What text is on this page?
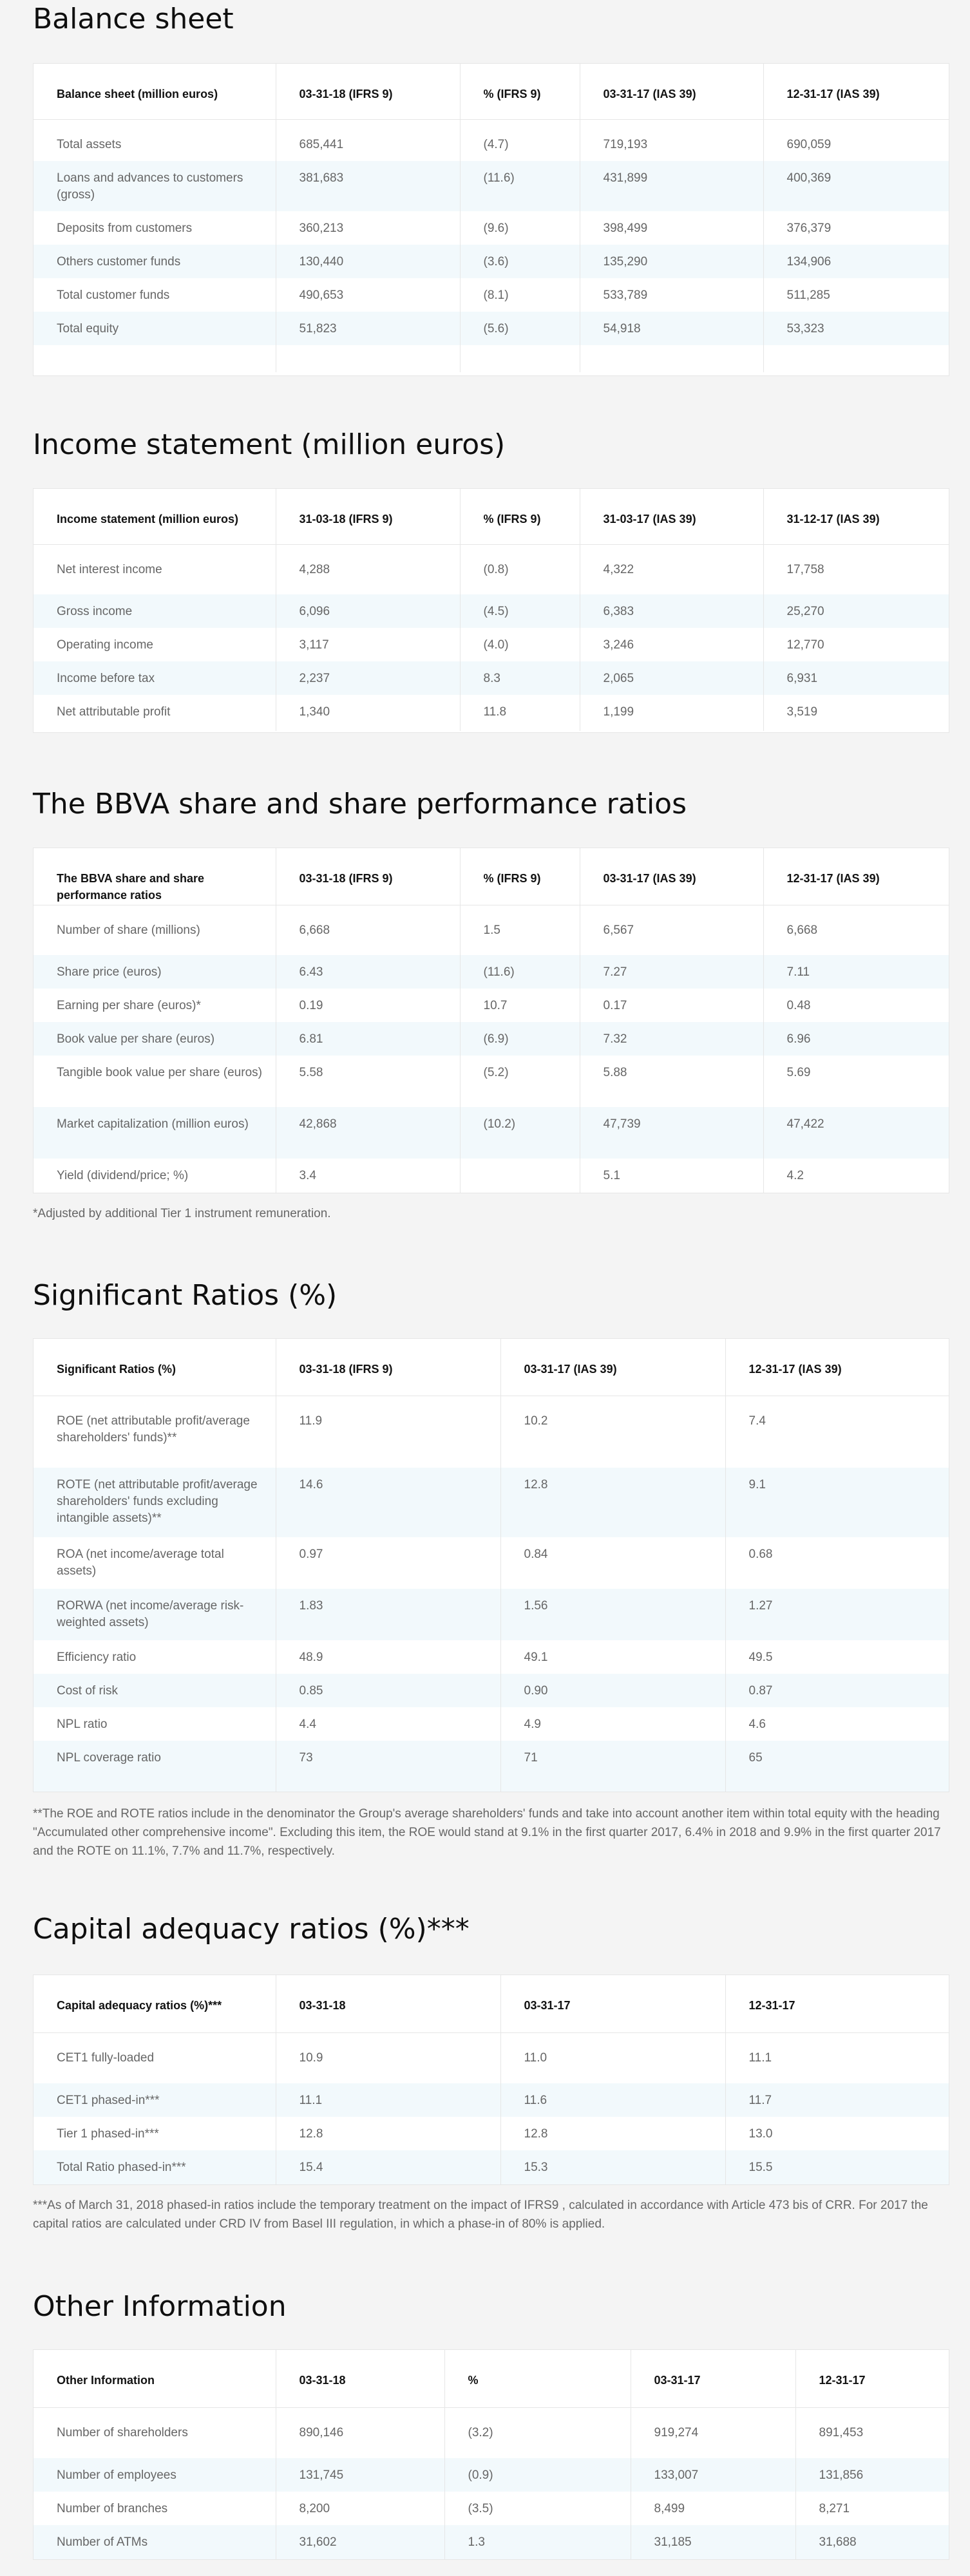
Balance sheet
Balance sheet (million euros)	03-31-18 (IFRS 9)	% (IFRS 9)	03-31-17 (IAS 39)	12-31-17 (IAS 39)
Total assets	685,441	(4.7)	719,193	690,059
Loans and advances to customers (gross)	381,683	(11.6)	431,899	400,369
Deposits from customers	360,213	(9.6)	398,499	376,379
Others customer funds	130,440	(3.6)	135,290	134,906
Total customer funds	490,653	(8.1)	533,789	511,285
Total equity	51,823	(5.6)	54,918	53,323

Income statement (million euros)
Income statement (million euros)	31-03-18 (IFRS 9)	% (IFRS 9)	31-03-17 (IAS 39)	31-12-17 (IAS 39)
Net interest income	4,288	(0.8)	4,322	17,758
Gross income	6,096	(4.5)	6,383	25,270
Operating income	3,117	(4.0)	3,246	12,770
Income before tax	2,237	8.3	2,065	6,931
Net attributable profit	1,340	11.8	1,199	3,519
The BBVA share and share performance ratios
The BBVA share and share performance ratios	03-31-18 (IFRS 9)	% (IFRS 9)	03-31-17 (IAS 39)	12-31-17 (IAS 39)
Number of share (millions)	6,668	1.5	6,567	6,668
Share price (euros)	6.43	(11.6)	7.27	7.11
Earning per share (euros)*	0.19	10.7	0.17	0.48
Book value per share (euros)	6.81	(6.9)	7.32	6.96
Tangible book value per share (euros)	5.58	(5.2)	5.88	5.69
Market capitalization (million euros)	42,868	(10.2)	47,739	47,422
Yield (dividend/price; %)	3.4		5.1	4.2

*Adjusted by additional Tier 1 instrument remuneration.

Significant Ratios (%)
Significant Ratios (%)	03-31-18 (IFRS 9)	03-31-17 (IAS 39)	12-31-17 (IAS 39)
ROE (net attributable profit/average shareholders' funds)**	11.9	10.2	7.4
ROTE (net attributable profit/average shareholders' funds excluding intangible assets)**	14.6	12.8	9.1
ROA (net income/average total assets)	0.97	0.84	0.68
RORWA (net income/average risk-weighted assets)	1.83	1.56	1.27
Efficiency ratio	48.9	49.1	49.5
Cost of risk	0.85	0.90	0.87
NPL ratio	4.4	4.9	4.6
NPL coverage ratio	73	71	65

**The ROE and ROTE ratios include in the denominator the Group's average shareholders' funds and take into account another item within total equity with the heading "Accumulated other comprehensive income". Excluding this item, the ROE would stand at 9.1% in the first quarter 2017, 6.4% in 2018 and 9.9% in the first quarter 2017 and the ROTE on 11.1%, 7.7% and 11.7%, respectively.

Capital adequacy ratios (%)***
Capital adequacy ratios (%)***	03-31-18	03-31-17	12-31-17
CET1 fully-loaded	10.9	11.0	11.1
CET1 phased-in***	11.1	11.6	11.7
Tier 1 phased-in***	12.8	12.8	13.0
Total Ratio phased-in***	15.4	15.3	15.5

***As of March 31, 2018 phased-in ratios include the temporary treatment on the impact of IFRS9 , calculated in accordance with Article 473 bis of CRR. For 2017 the capital ratios are calculated under CRD IV from Basel III regulation, in which a phase-in of 80% is applied.

Other Information
Other Information	03-31-18	%	03-31-17	12-31-17
Number of shareholders	890,146	(3.2)	919,274	891,453
Number of employees	131,745	(0.9)	133,007	131,856
Number of branches	8,200	(3.5)	8,499	8,271
Number of ATMs	31,602	1.3	31,185	31,688
